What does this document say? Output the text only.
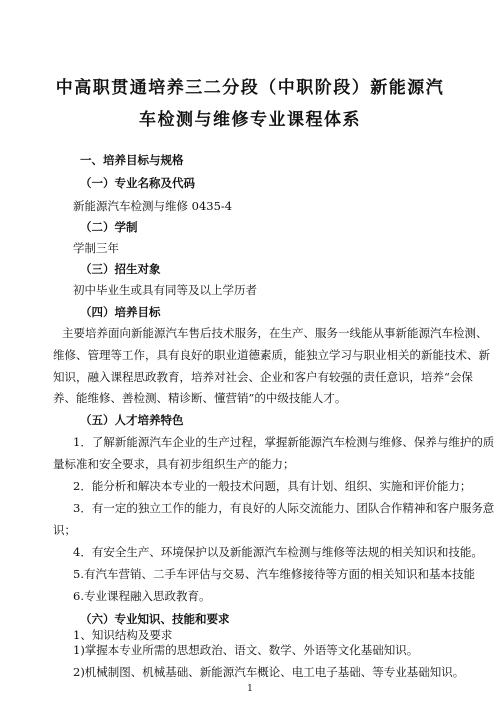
中高职贯通培养三二分段（中职阶段）新能源汽
车检测与维修专业课程体系
一、培养目标与规格
（一）专业名称及代码
新能源汽车检测与维修 0435-4
（二）学制
学制三年
（三）招生对象
初中毕业生或具有同等及以上学历者
（四）培养目标
主要培养面向新能源汽车售后技术服务，在生产、服务一线能从事新能源汽车检测、
维修、管理等工作，具有良好的职业道德素质，能独立学习与职业相关的新能技术、新
知识，融入课程思政教育，培养对社会、企业和客户有较强的责任意识，培养“会保
养、能维修、善检测、精诊断、懂营销”的中级技能人才。
（五）人才培养特色
1．了解新能源汽车企业的生产过程，掌握新能源汽车检测与维修、保养与维护的质
量标准和安全要求，具有初步组织生产的能力；
2．能分析和解决本专业的一般技术问题，具有计划、组织、实施和评价能力；
3．有一定的独立工作的能力，有良好的人际交流能力、团队合作精神和客户服务意
识；
4．有安全生产、环境保护以及新能源汽车检测与维修等法规的相关知识和技能。
5.有汽车营销、二手车评估与交易、汽车维修接待等方面的相关知识和基本技能
6.专业课程融入思政教育。
（六）专业知识、技能和要求
1、知识结构及要求
1)掌握本专业所需的思想政治、语文、数学、外语等文化基础知识。
2)机械制图、机械基础、新能源汽车概论、电工电子基础、等专业基础知识。
1
